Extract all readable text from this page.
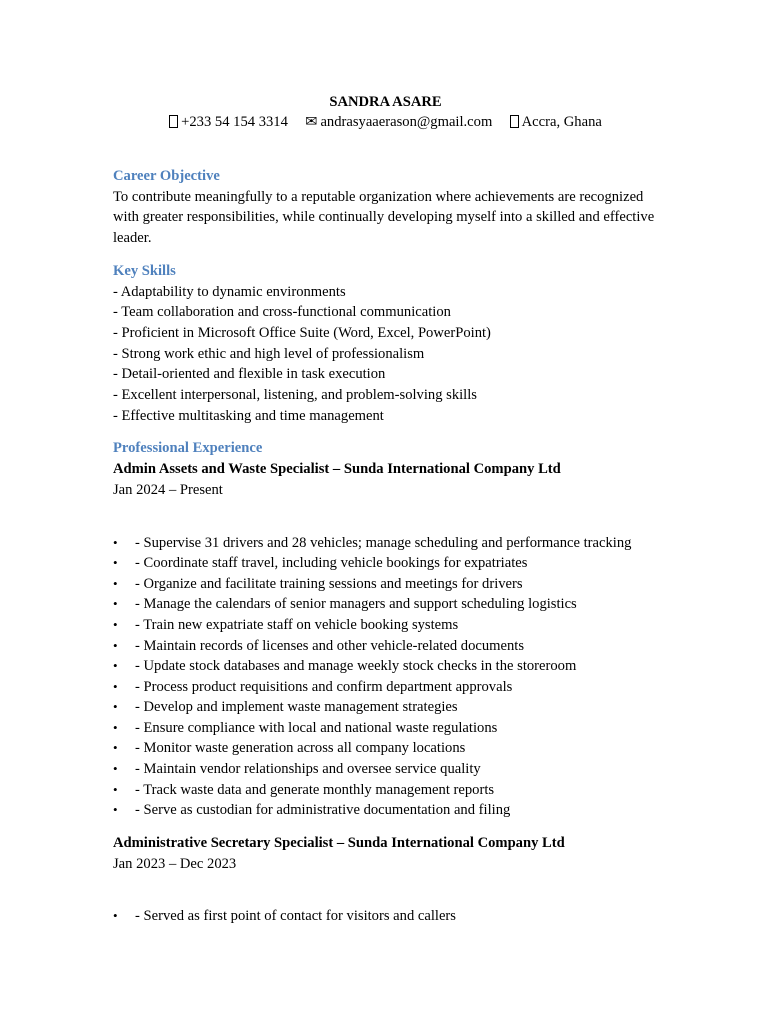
SANDRA ASARE
+233 54 154 3314 ✉ andrasyaaerason@gmail.com Accra, Ghana
Career Objective

To contribute meaningfully to a reputable organization where achievements are recognized with greater responsibilities, while continually developing myself into a skilled and effective leader.

Key Skills
- Adaptability to dynamic environments
- Team collaboration and cross-functional communication
- Proficient in Microsoft Office Suite (Word, Excel, PowerPoint)
- Strong work ethic and high level of professionalism
- Detail-oriented and flexible in task execution
- Excellent interpersonal, listening, and problem-solving skills
- Effective multitasking and time management
Professional Experience
Admin Assets and Waste Specialist – Sunda International Company Ltd
Jan 2024 – Present
• - Supervise 31 drivers and 28 vehicles; manage scheduling and performance tracking
• - Coordinate staff travel, including vehicle bookings for expatriates
• - Organize and facilitate training sessions and meetings for drivers
• - Manage the calendars of senior managers and support scheduling logistics
• - Train new expatriate staff on vehicle booking systems
• - Maintain records of licenses and other vehicle-related documents
• - Update stock databases and manage weekly stock checks in the storeroom
• - Process product requisitions and confirm department approvals
• - Develop and implement waste management strategies
• - Ensure compliance with local and national waste regulations
• - Monitor waste generation across all company locations
• - Maintain vendor relationships and oversee service quality
• - Track waste data and generate monthly management reports
• - Serve as custodian for administrative documentation and filing
Administrative Secretary Specialist – Sunda International Company Ltd
Jan 2023 – Dec 2023
• - Served as first point of contact for visitors and callers
